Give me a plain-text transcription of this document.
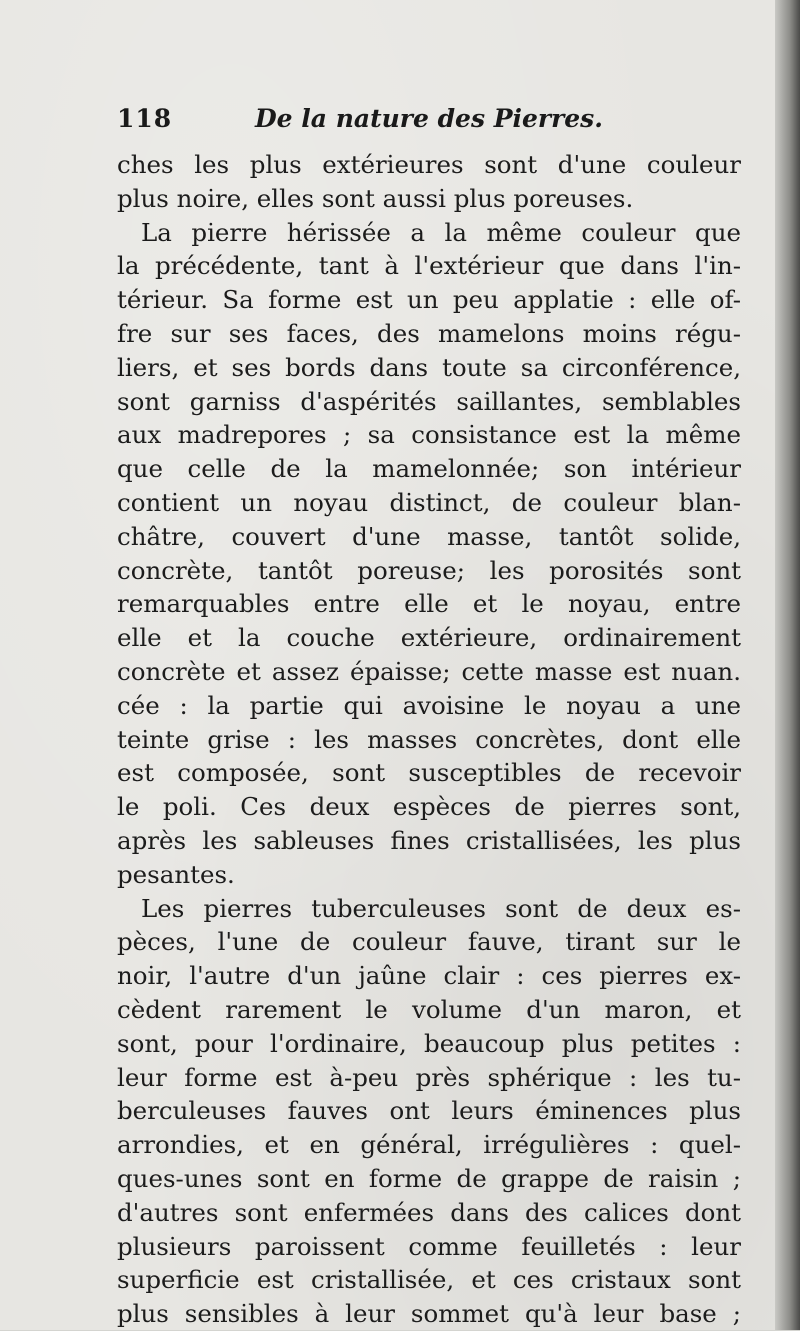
118	De la nature des Pierres.
ches les plus extérieures sont d'une couleur
plus noire, elles sont aussi plus poreuses.
La pierre hérissée a la même couleur que
la précédente, tant à l'extérieur que dans l'in-
térieur. Sa forme est un peu applatie : elle of-
fre sur ses faces, des mamelons moins régu-
liers, et ses bords dans toute sa circonférence,
sont garniss d'aspérités saillantes, semblables
aux madrepores ; sa consistance est la même
que celle de la mamelonnée; son intérieur
contient un noyau distinct, de couleur blan-
châtre, couvert d'une masse, tantôt solide,
concrète, tantôt poreuse; les porosités sont
remarquables entre elle et le noyau, entre
elle et la couche extérieure, ordinairement
concrète et assez épaisse; cette masse est nuan.
cée : la partie qui avoisine le noyau a une
teinte grise : les masses concrètes, dont elle
est composée, sont susceptibles de recevoir
le poli. Ces deux espèces de pierres sont,
après les sableuses fines cristallisées, les plus
pesantes.
Les pierres tuberculeuses sont de deux es-
pèces, l'une de couleur fauve, tirant sur le
noir, l'autre d'un jaûne clair : ces pierres ex-
cèdent rarement le volume d'un maron, et
sont, pour l'ordinaire, beaucoup plus petites :
leur forme est à-peu près sphérique : les tu-
berculeuses fauves ont leurs éminences plus
arrondies, et en général, irrégulières : quel-
ques-unes sont en forme de grappe de raisin ;
d'autres sont enfermées dans des calices dont
plusieurs paroissent comme feuilletés : leur
superficie est cristallisée, et ces cristaux sont
plus sensibles à leur sommet qu'à leur base ;
